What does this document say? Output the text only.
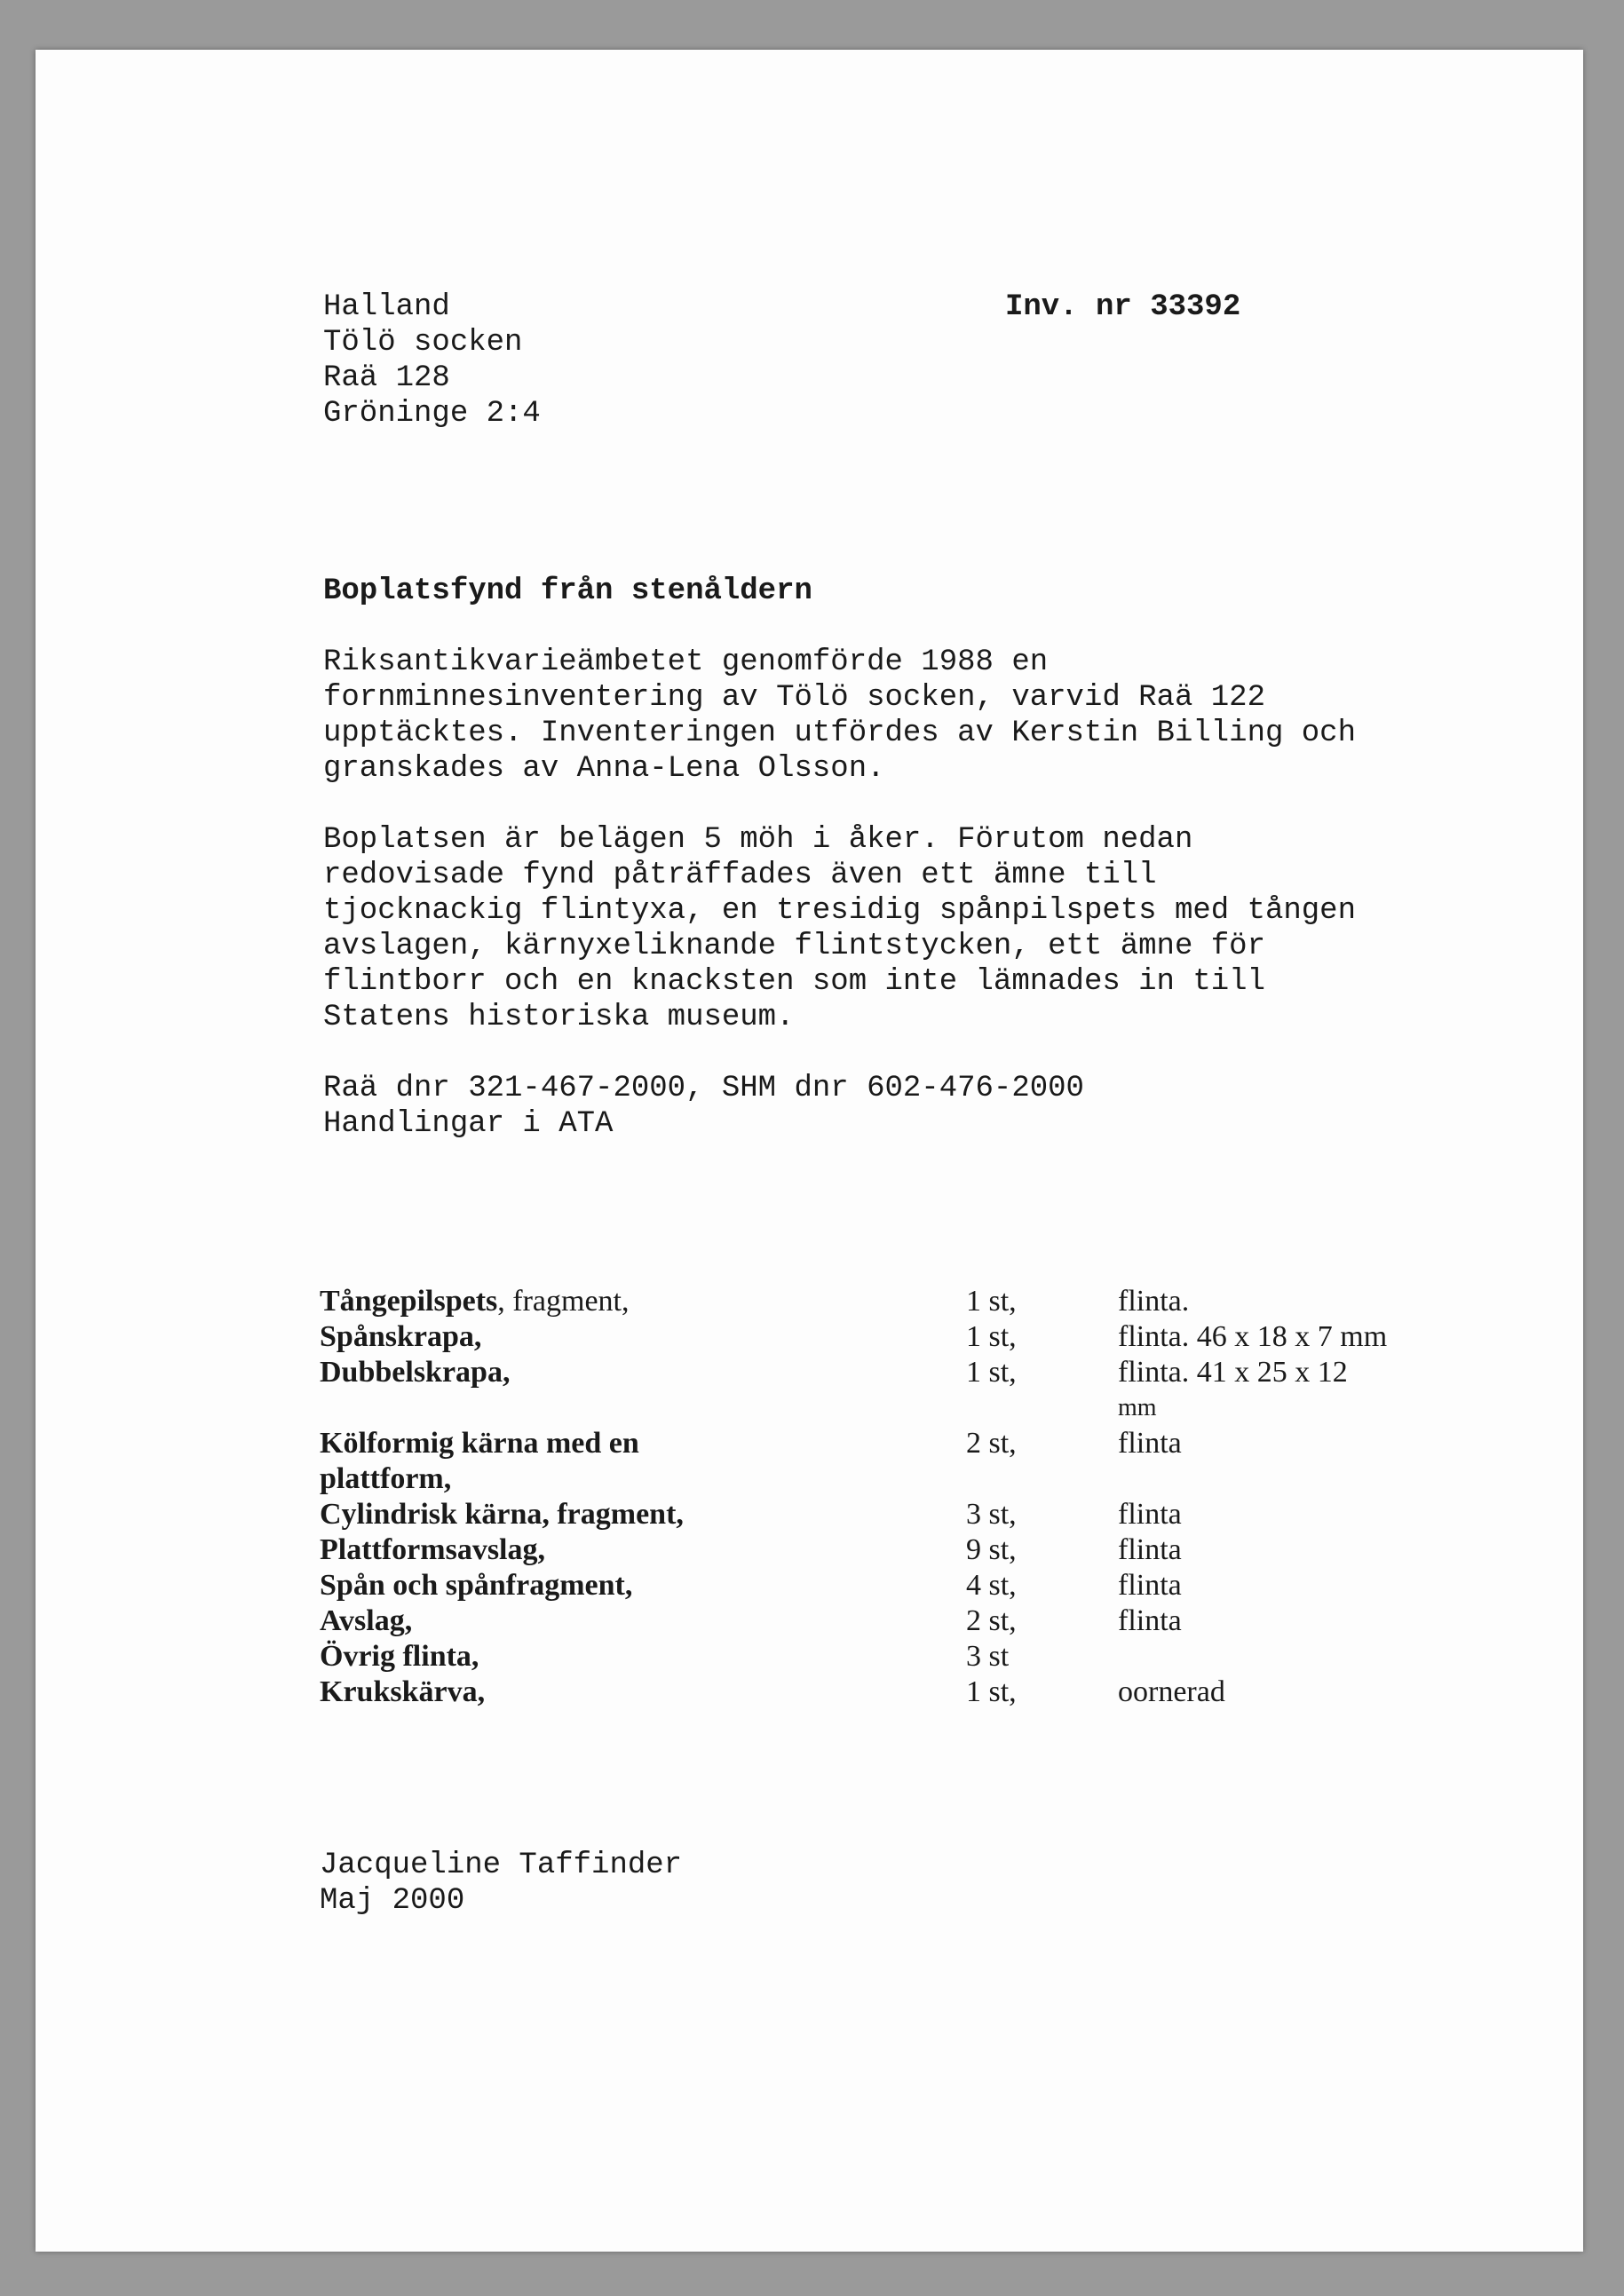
Halland
Tölö socken
Raä 128
Gröninge 2:4
Inv. nr 33392
Boplatsfynd från stenåldern
Riksantikvarieämbetet genomförde 1988 en
fornminnesinventering av Tölö socken, varvid Raä 122
upptäcktes. Inventeringen utfördes av Kerstin Billing och
granskades av Anna-Lena Olsson.
Boplatsen är belägen 5 möh i åker. Förutom nedan
redovisade fynd påträffades även ett ämne till
tjocknackig flintyxa, en tresidig spånpilspets med tången
avslagen, kärnyxeliknande flintstycken, ett ämne för
flintborr och en knacksten som inte lämnades in till
Statens historiska museum.
Raä dnr 321-467-2000, SHM dnr 602-476-2000
Handlingar i ATA
Tångepilspets, fragment,	1 st,	flinta.
Spånskrapa,	1 st,	flinta. 46 x 18 x 7 mm
Dubbelskrapa,	1 st,	flinta. 41 x 25 x 12
mm
Kölformig kärna med en	2 st,	flinta
plattform,
Cylindrisk kärna, fragment,	3 st,	flinta
Plattformsavslag,	9 st,	flinta
Spån och spånfragment,	4 st,	flinta
Avslag,	2 st,	flinta
Övrig flinta,	3 st
Krukskärva,	1 st,	oornerad
Jacqueline Taffinder
Maj 2000
